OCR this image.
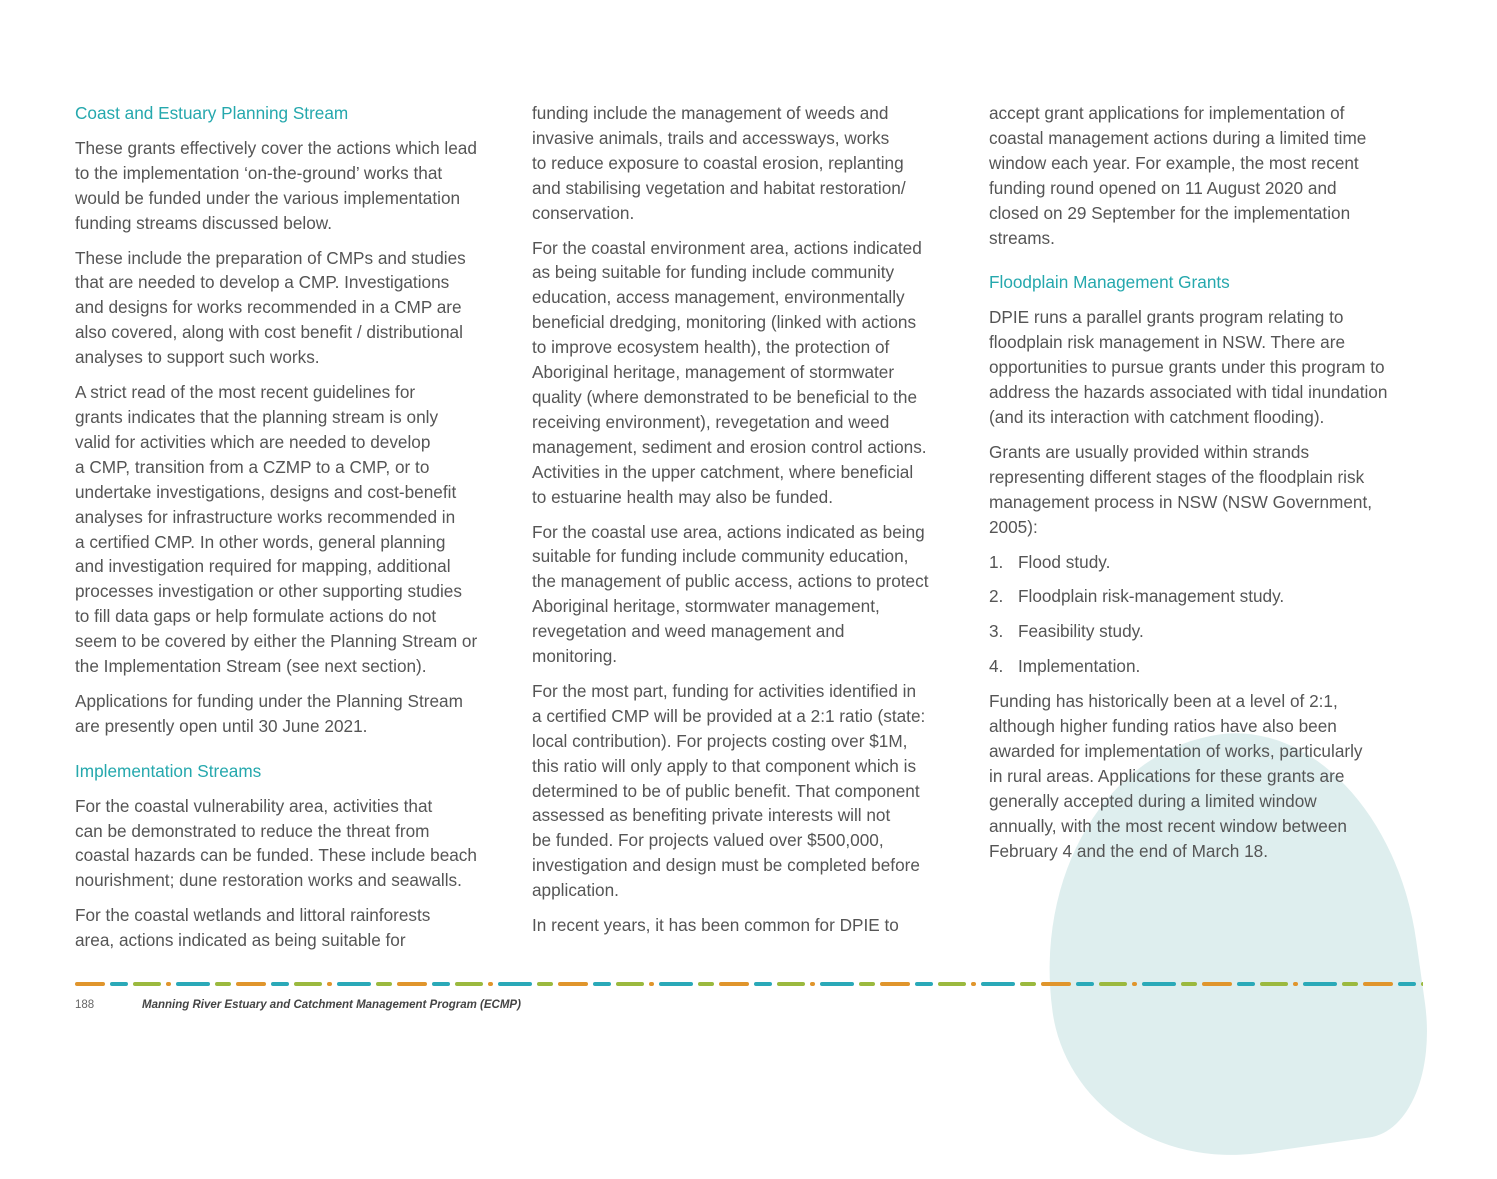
Coast and Estuary Planning Stream

These grants effectively cover the actions which lead
to the implementation ‘on-the-ground’ works that
would be funded under the various implementation
funding streams discussed below.

These include the preparation of CMPs and studies
that are needed to develop a CMP. Investigations
and designs for works recommended in a CMP are
also covered, along with cost benefit / distributional
analyses to support such works.

A strict read of the most recent guidelines for
grants indicates that the planning stream is only
valid for activities which are needed to develop
a CMP, transition from a CZMP to a CMP, or to
undertake investigations, designs and cost-benefit
analyses for infrastructure works recommended in
a certified CMP. In other words, general planning
and investigation required for mapping, additional
processes investigation or other supporting studies
to fill data gaps or help formulate actions do not
seem to be covered by either the Planning Stream or
the Implementation Stream (see next section).

Applications for funding under the Planning Stream
are presently open until 30 June 2021.

Implementation Streams

For the coastal vulnerability area, activities that
can be demonstrated to reduce the threat from
coastal hazards can be funded. These include beach
nourishment; dune restoration works and seawalls.

For the coastal wetlands and littoral rainforests
area, actions indicated as being suitable for

funding include the management of weeds and
invasive animals, trails and accessways, works
to reduce exposure to coastal erosion, replanting
and stabilising vegetation and habitat restoration/
conservation.

For the coastal environment area, actions indicated
as being suitable for funding include community
education, access management, environmentally
beneficial dredging, monitoring (linked with actions
to improve ecosystem health), the protection of
Aboriginal heritage, management of stormwater
quality (where demonstrated to be beneficial to the
receiving environment), revegetation and weed
management, sediment and erosion control actions.
Activities in the upper catchment, where beneficial
to estuarine health may also be funded.

For the coastal use area, actions indicated as being
suitable for funding include community education,
the management of public access, actions to protect
Aboriginal heritage, stormwater management,
revegetation and weed management and
monitoring.

For the most part, funding for activities identified in
a certified CMP will be provided at a 2:1 ratio (state:
local contribution). For projects costing over $1M,
this ratio will only apply to that component which is
determined to be of public benefit. That component
assessed as benefiting private interests will not
be funded. For projects valued over $500,000,
investigation and design must be completed before
application.

In recent years, it has been common for DPIE to

accept grant applications for implementation of
coastal management actions during a limited time
window each year. For example, the most recent
funding round opened on 11 August 2020 and
closed on 29 September for the implementation
streams.

Floodplain Management Grants

DPIE runs a parallel grants program relating to
floodplain risk management in NSW. There are
opportunities to pursue grants under this program to
address the hazards associated with tidal inundation
(and its interaction with catchment flooding).

Grants are usually provided within strands
representing different stages of the floodplain risk
management process in NSW (NSW Government,
2005):

1. Flood study.
2. Floodplain risk-management study.
3. Feasibility study.
4. Implementation.

Funding has historically been at a level of 2:1,
although higher funding ratios have also been
awarded for implementation of works, particularly
in rural areas. Applications for these grants are
generally accepted during a limited window
annually, with the most recent window between
February 4 and the end of March 18.

188	Manning River Estuary and Catchment Management Program (ECMP)
